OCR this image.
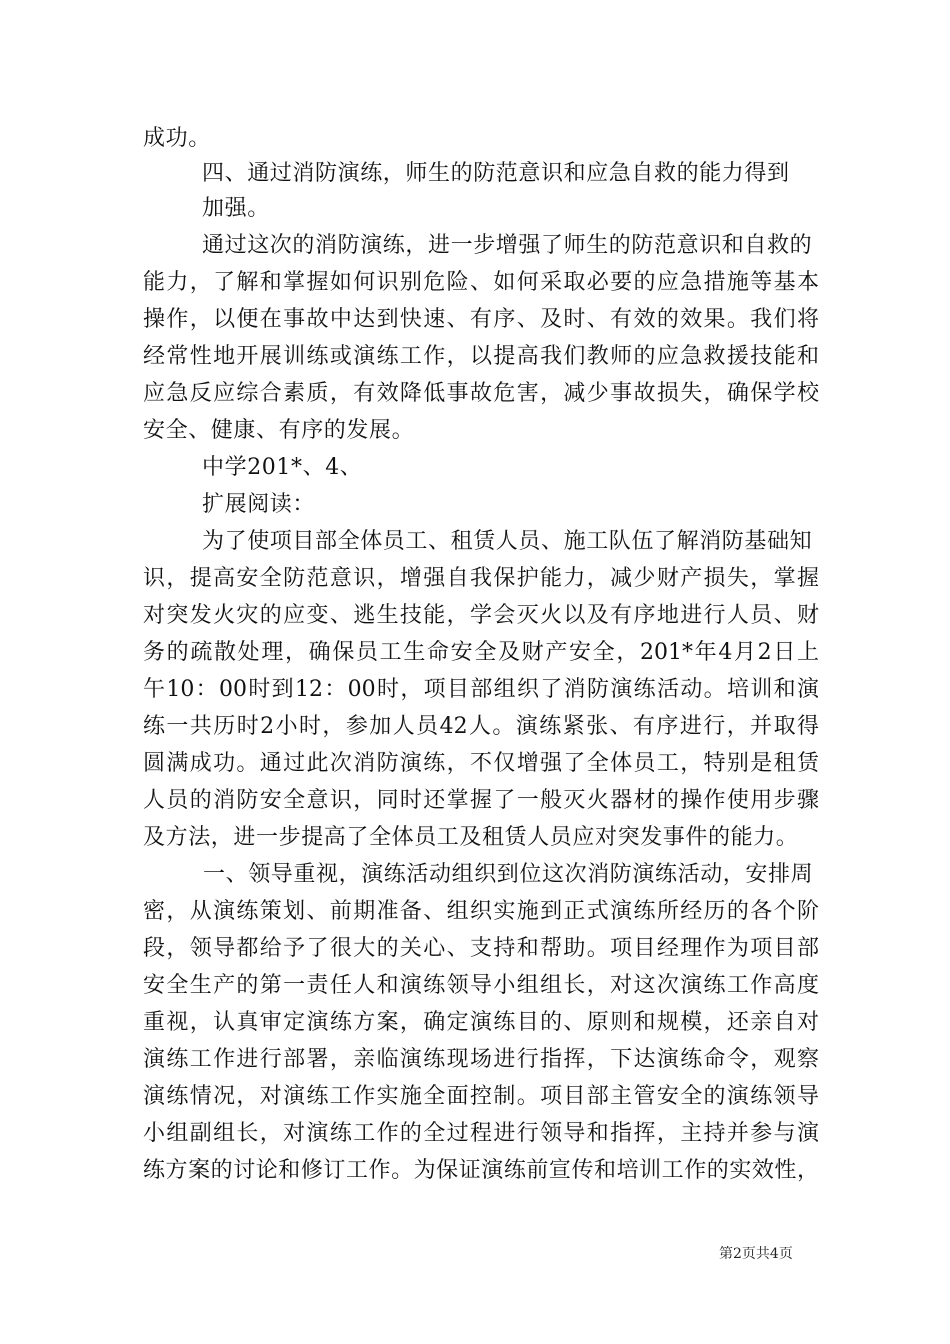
成功。
四、通过消防演练，师生的防范意识和应急自救的能力得到
加强。
通过这次的消防演练，进一步增强了师生的防范意识和自救的
能力，了解和掌握如何识别危险、如何采取必要的应急措施等基本
操作，以便在事故中达到快速、有序、及时、有效的效果。我们将
经常性地开展训练或演练工作，以提高我们教师的应急救援技能和
应急反应综合素质，有效降低事故危害，减少事故损失，确保学校
安全、健康、有序的发展。
中学201*、4、
扩展阅读：
为了使项目部全体员工、租赁人员、施工队伍了解消防基础知
识，提高安全防范意识，增强自我保护能力，减少财产损失，掌握
对突发火灾的应变、逃生技能，学会灭火以及有序地进行人员、财
务的疏散处理，确保员工生命安全及财产安全，201*年4月2日上
午10：00时到12：00时，项目部组织了消防演练活动。培训和演
练一共历时2小时，参加人员42人。演练紧张、有序进行，并取得
圆满成功。通过此次消防演练，不仅增强了全体员工，特别是租赁
人员的消防安全意识，同时还掌握了一般灭火器材的操作使用步骤
及方法，进一步提高了全体员工及租赁人员应对突发事件的能力。
一、领导重视，演练活动组织到位这次消防演练活动，安排周
密，从演练策划、前期准备、组织实施到正式演练所经历的各个阶
段，领导都给予了很大的关心、支持和帮助。项目经理作为项目部
安全生产的第一责任人和演练领导小组组长，对这次演练工作高度
重视，认真审定演练方案，确定演练目的、原则和规模，还亲自对
演练工作进行部署，亲临演练现场进行指挥，下达演练命令，观察
演练情况，对演练工作实施全面控制。项目部主管安全的演练领导
小组副组长，对演练工作的全过程进行领导和指挥，主持并参与演
练方案的讨论和修订工作。为保证演练前宣传和培训工作的实效性，
第2页共4页
